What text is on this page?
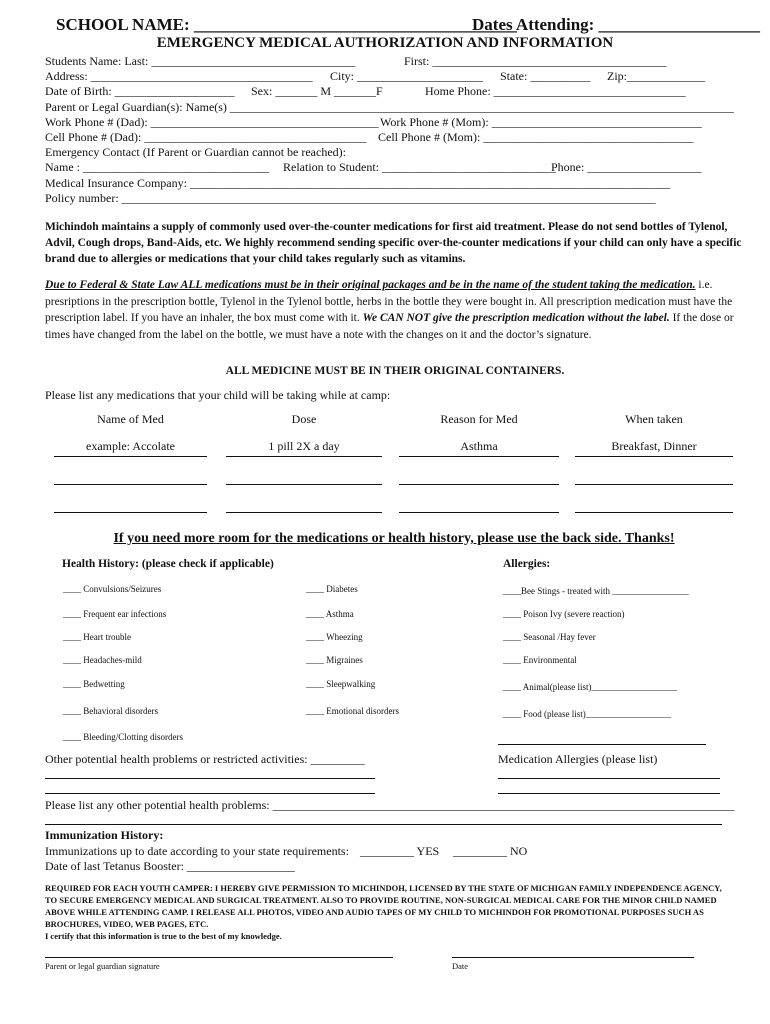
SCHOOL NAME: ______________________________________
Dates Attending: ___________________
EMERGENCY MEDICAL AUTHORIZATION AND INFORMATION
Students Name: Last: __________________________________	First: _______________________________________
Address: _____________________________________ City: _____________________ State: __________ Zip:_____________
Date of Birth: ____________________ Sex: _______ M _______F	Home Phone: ________________________________
Parent or Legal Guardian(s): Name(s) ____________________________________________________________________________________
Work Phone # (Dad): ______________________________________ Work Phone # (Mom): ___________________________________
Cell Phone # (Dad): _____________________________________ Cell Phone # (Mom): ___________________________________
Emergency Contact (If Parent or Guardian cannot be reached):
Name : _______________________________ Relation to Student: _____________________________
Phone: ___________________
Medical Insurance Company: ________________________________________________________________________________
Policy number: _________________________________________________________________________________________
Michindoh maintains a supply of commonly used over-the-counter medications for first aid treatment. Please do not send bottles of Tylenol, Advil, Cough drops, Band-Aids, etc. We highly recommend sending specific over-the-counter medications if your child can only have a specific brand due to allergies or medications that your child takes regularly such as vitamins.
Due to Federal & State Law ALL medications must be in their original packages and be in the name of the student taking the medication. i.e. presriptions in the prescription bottle, Tylenol in the Tylenol bottle, herbs in the bottle they were bought in. All prescription medication must have the prescription label. If you have an inhaler, the box must come with it. We CAN NOT give the prescription medication without the label. If the dose or times have changed from the label on the bottle, we must have a note with the changes on it and the doctor’s signature.
ALL MEDICINE MUST BE IN THEIR ORIGINAL CONTAINERS.
Please list any medications that your child will be taking while at camp:
Name of Med	Dose	Reason for Med	When taken
example: Accolate	1 pill 2X a day	Asthma	Breakfast, Dinner
If you need more room for the medications or health history, please use the back side. Thanks!
Health History: (please check if applicable)	Allergies:
____ Convulsions/Seizures
____ Frequent ear infections
____ Heart trouble
____ Headaches-mild
____ Bedwetting
____ Behavioral disorders
____ Bleeding/Clotting disorders
____ Diabetes
____ Asthma
____ Wheezing
____ Migraines
____ Sleepwalking
____ Emotional disorders
____Bee Stings - treated with _________________
____ Poison Ivy (severe reaction)
____ Seasonal /Hay fever
____ Environmental
____ Animal(please list)___________________
____ Food (please list)___________________
Other potential health problems or restricted activities: _________	Medication Allergies (please list)
Please list any other potential health problems: _____________________________________________________________________________
Immunization History:
Immunizations up to date according to your state requirements: _________ YES _________ NO
Date of last Tetanus Booster: __________________
REQUIRED FOR EACH YOUTH CAMPER: I HEREBY GIVE PERMISSION TO MICHINDOH, LICENSED BY THE STATE OF MICHIGAN FAMILY INDEPENDENCE AGENCY, TO SECURE EMERGENCY MEDICAL AND SURGICAL TREATMENT. ALSO TO PROVIDE ROUTINE, NON-SURGICAL MEDICAL CARE FOR THE MINOR CHILD NAMED ABOVE WHILE ATTENDING CAMP. I RELEASE ALL PHOTOS, VIDEO AND AUDIO TAPES OF MY CHILD TO MICHINDOH FOR PROMOTIONAL PURPOSES SUCH AS BROCHURES, VIDEO, WEB PAGES, ETC.
I certify that this information is true to the best of my knowledge.
Parent or legal guardian signature	Date
